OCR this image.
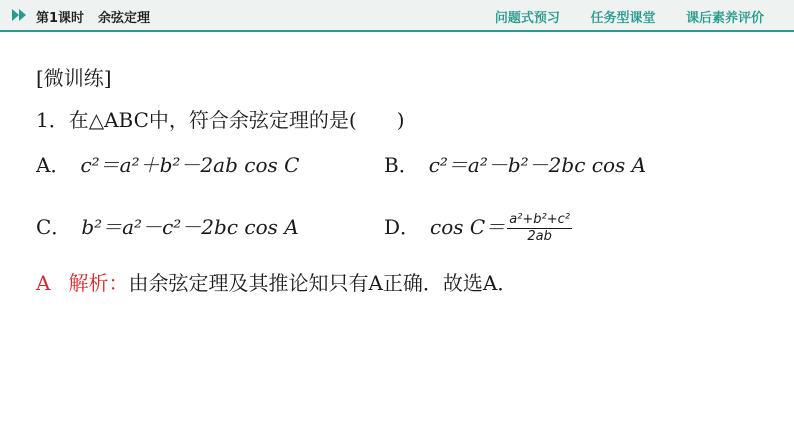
第1课时 余弦定理	问题式预习 任务型课堂 课后素养评价
[微训练]
1．在△ABC中，符合余弦定理的是(　　)
A． c²＝a²＋b²－2ab cos C	B． c²＝a²－b²－2bc cos A
C． b²＝a²－c²－2bc cos A	D． $\cos C= \frac{\text{a²+b²+c²}}{2ab}$
A 解析：由余弦定理及其推论知只有A正确．故选A．
